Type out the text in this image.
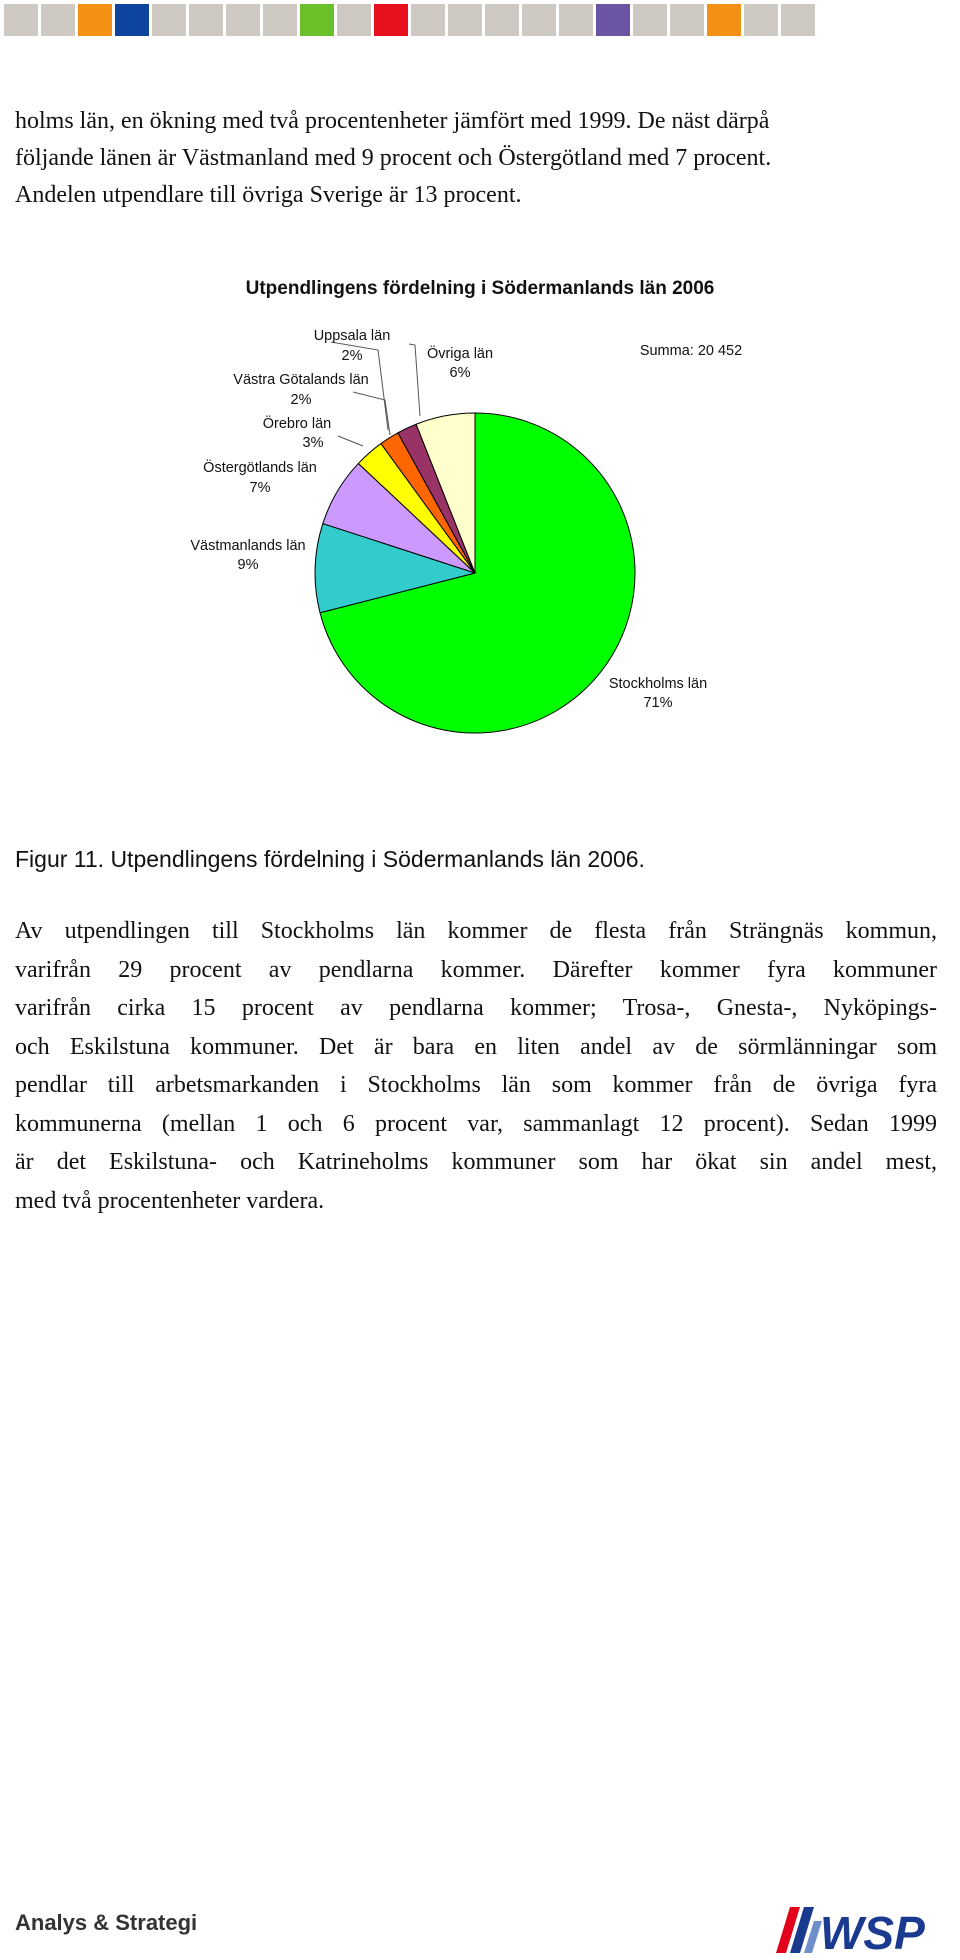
holms län, en ökning med två procentenheter jämfört med 1999. De näst därpå
följande länen är Västmanland med 9 procent och Östergötland med 7 procent.
Andelen utpendlare till övriga Sverige är 13 procent.
Utpendlingens fördelning i Södermanlands län 2006
Uppsala län
2%	Övriga län
6%
Västra Götalands län
2%
Örebro län
3%
Östergötlands län
7%
Västmanlands län
9%
Stockholms län
71%
Summa: 20 452
Figur 11. Utpendlingens fördelning i Södermanlands län 2006.
Av utpendlingen till Stockholms län kommer de flesta från Strängnäs kommun,
varifrån 29 procent av pendlarna kommer. Därefter kommer fyra kommuner
varifrån cirka 15 procent av pendlarna kommer; Trosa-, Gnesta-, Nyköpings-
och Eskilstuna kommuner. Det är bara en liten andel av de sörmlänningar som
pendlar till arbetsmarkanden i Stockholms län som kommer från de övriga fyra
kommunerna (mellan 1 och 6 procent var, sammanlagt 12 procent). Sedan 1999
är det Eskilstuna- och Katrineholms kommuner som har ökat sin andel mest,
med två procentenheter vardera.
Analys & Strategi	WSP
